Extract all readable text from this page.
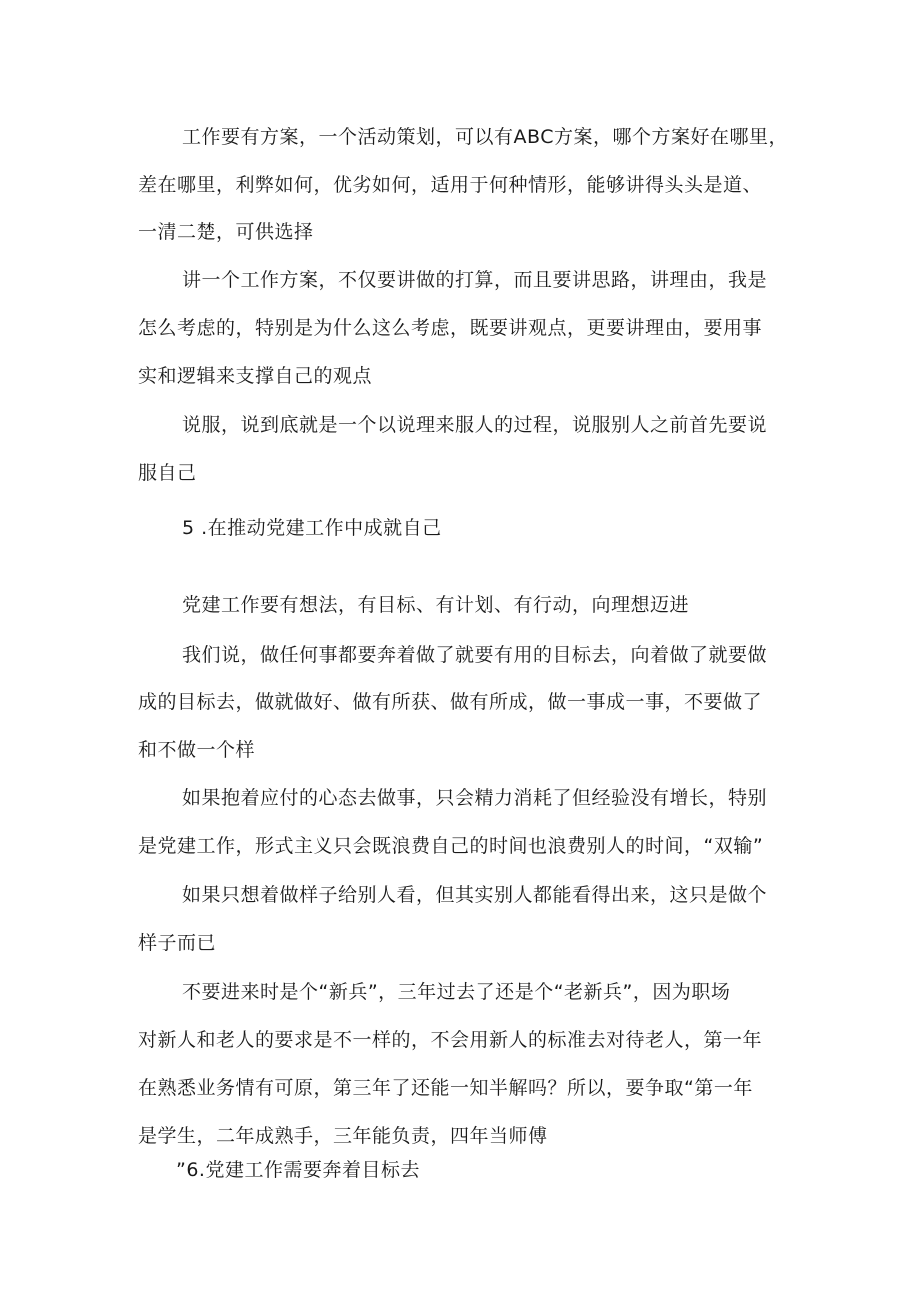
工作要有方案，一个活动策划，可以有ABC方案，哪个方案好在哪里，
差在哪里，利弊如何，优劣如何，适用于何种情形，能够讲得头头是道、
一清二楚，可供选择
讲一个工作方案，不仅要讲做的打算，而且要讲思路，讲理由，我是
怎么考虑的，特别是为什么这么考虑，既要讲观点，更要讲理由，要用事
实和逻辑来支撑自己的观点
说服，说到底就是一个以说理来服人的过程，说服别人之前首先要说
服自己
5 .在推动党建工作中成就自己
党建工作要有想法，有目标、有计划、有行动，向理想迈进
我们说，做任何事都要奔着做了就要有用的目标去，向着做了就要做
成的目标去，做就做好、做有所获、做有所成，做一事成一事，不要做了
和不做一个样
如果抱着应付的心态去做事，只会精力消耗了但经验没有增长，特别
是党建工作，形式主义只会既浪费自己的时间也浪费别人的时间，“双输”
如果只想着做样子给别人看，但其实别人都能看得出来，这只是做个
样子而已
不要进来时是个“新兵”，三年过去了还是个“老新兵”，因为职场
对新人和老人的要求是不一样的，不会用新人的标准去对待老人，第一年
在熟悉业务情有可原，第三年了还能一知半解吗？所以，要争取“第一年
是学生，二年成熟手，三年能负责，四年当师傅
”6.党建工作需要奔着目标去
